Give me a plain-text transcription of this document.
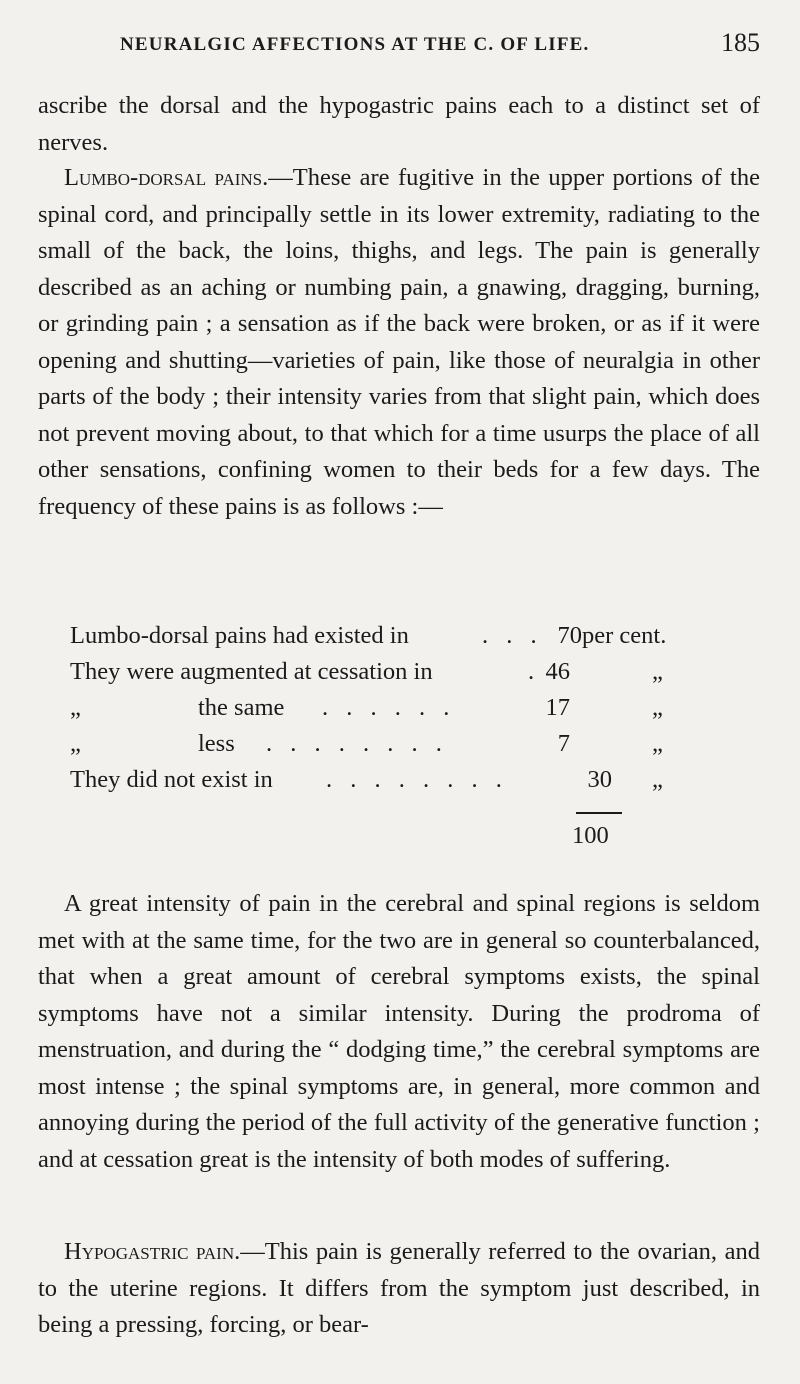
NEURALGIC AFFECTIONS AT THE C. OF LIFE.	185

ascribe the dorsal and the hypogastric pains each to a distinct set of nerves.

Lumbo-dorsal pains.—These are fugitive in the upper portions of the spinal cord, and principally settle in its lower extremity, radiating to the small of the back, the loins, thighs, and legs. The pain is generally described as an aching or numbing pain, a gnawing, dragging, burning, or grinding pain ; a sensation as if the back were broken, or as if it were opening and shutting—varieties of pain, like those of neuralgia in other parts of the body ; their intensity varies from that slight pain, which does not prevent moving about, to that which for a time usurps the place of all other sensations, confining women to their beds for a few days. The frequency of these pains is as follows :—

Lumbo-dorsal pains had existed in	. . . 70 per cent.
They were augmented at cessation in	. 46	„
„	the same . . . . . .	17	„
„	less . . . . . . . .	7	„
They did not exist in . . . . . . . .	30 „
100

A great intensity of pain in the cerebral and spinal regions is seldom met with at the same time, for the two are in general so counterbalanced, that when a great amount of cerebral symptoms exists, the spinal symptoms have not a similar intensity. During the prodroma of menstruation, and during the “ dodging time,” the cerebral symptoms are most intense ; the spinal symptoms are, in general, more common and annoying during the period of the full activity of the generative function ; and at cessation great is the intensity of both modes of suffering.

Hypogastric pain.—This pain is generally referred to the ovarian, and to the uterine regions. It differs from the symptom just described, in being a pressing, forcing, or bear-
